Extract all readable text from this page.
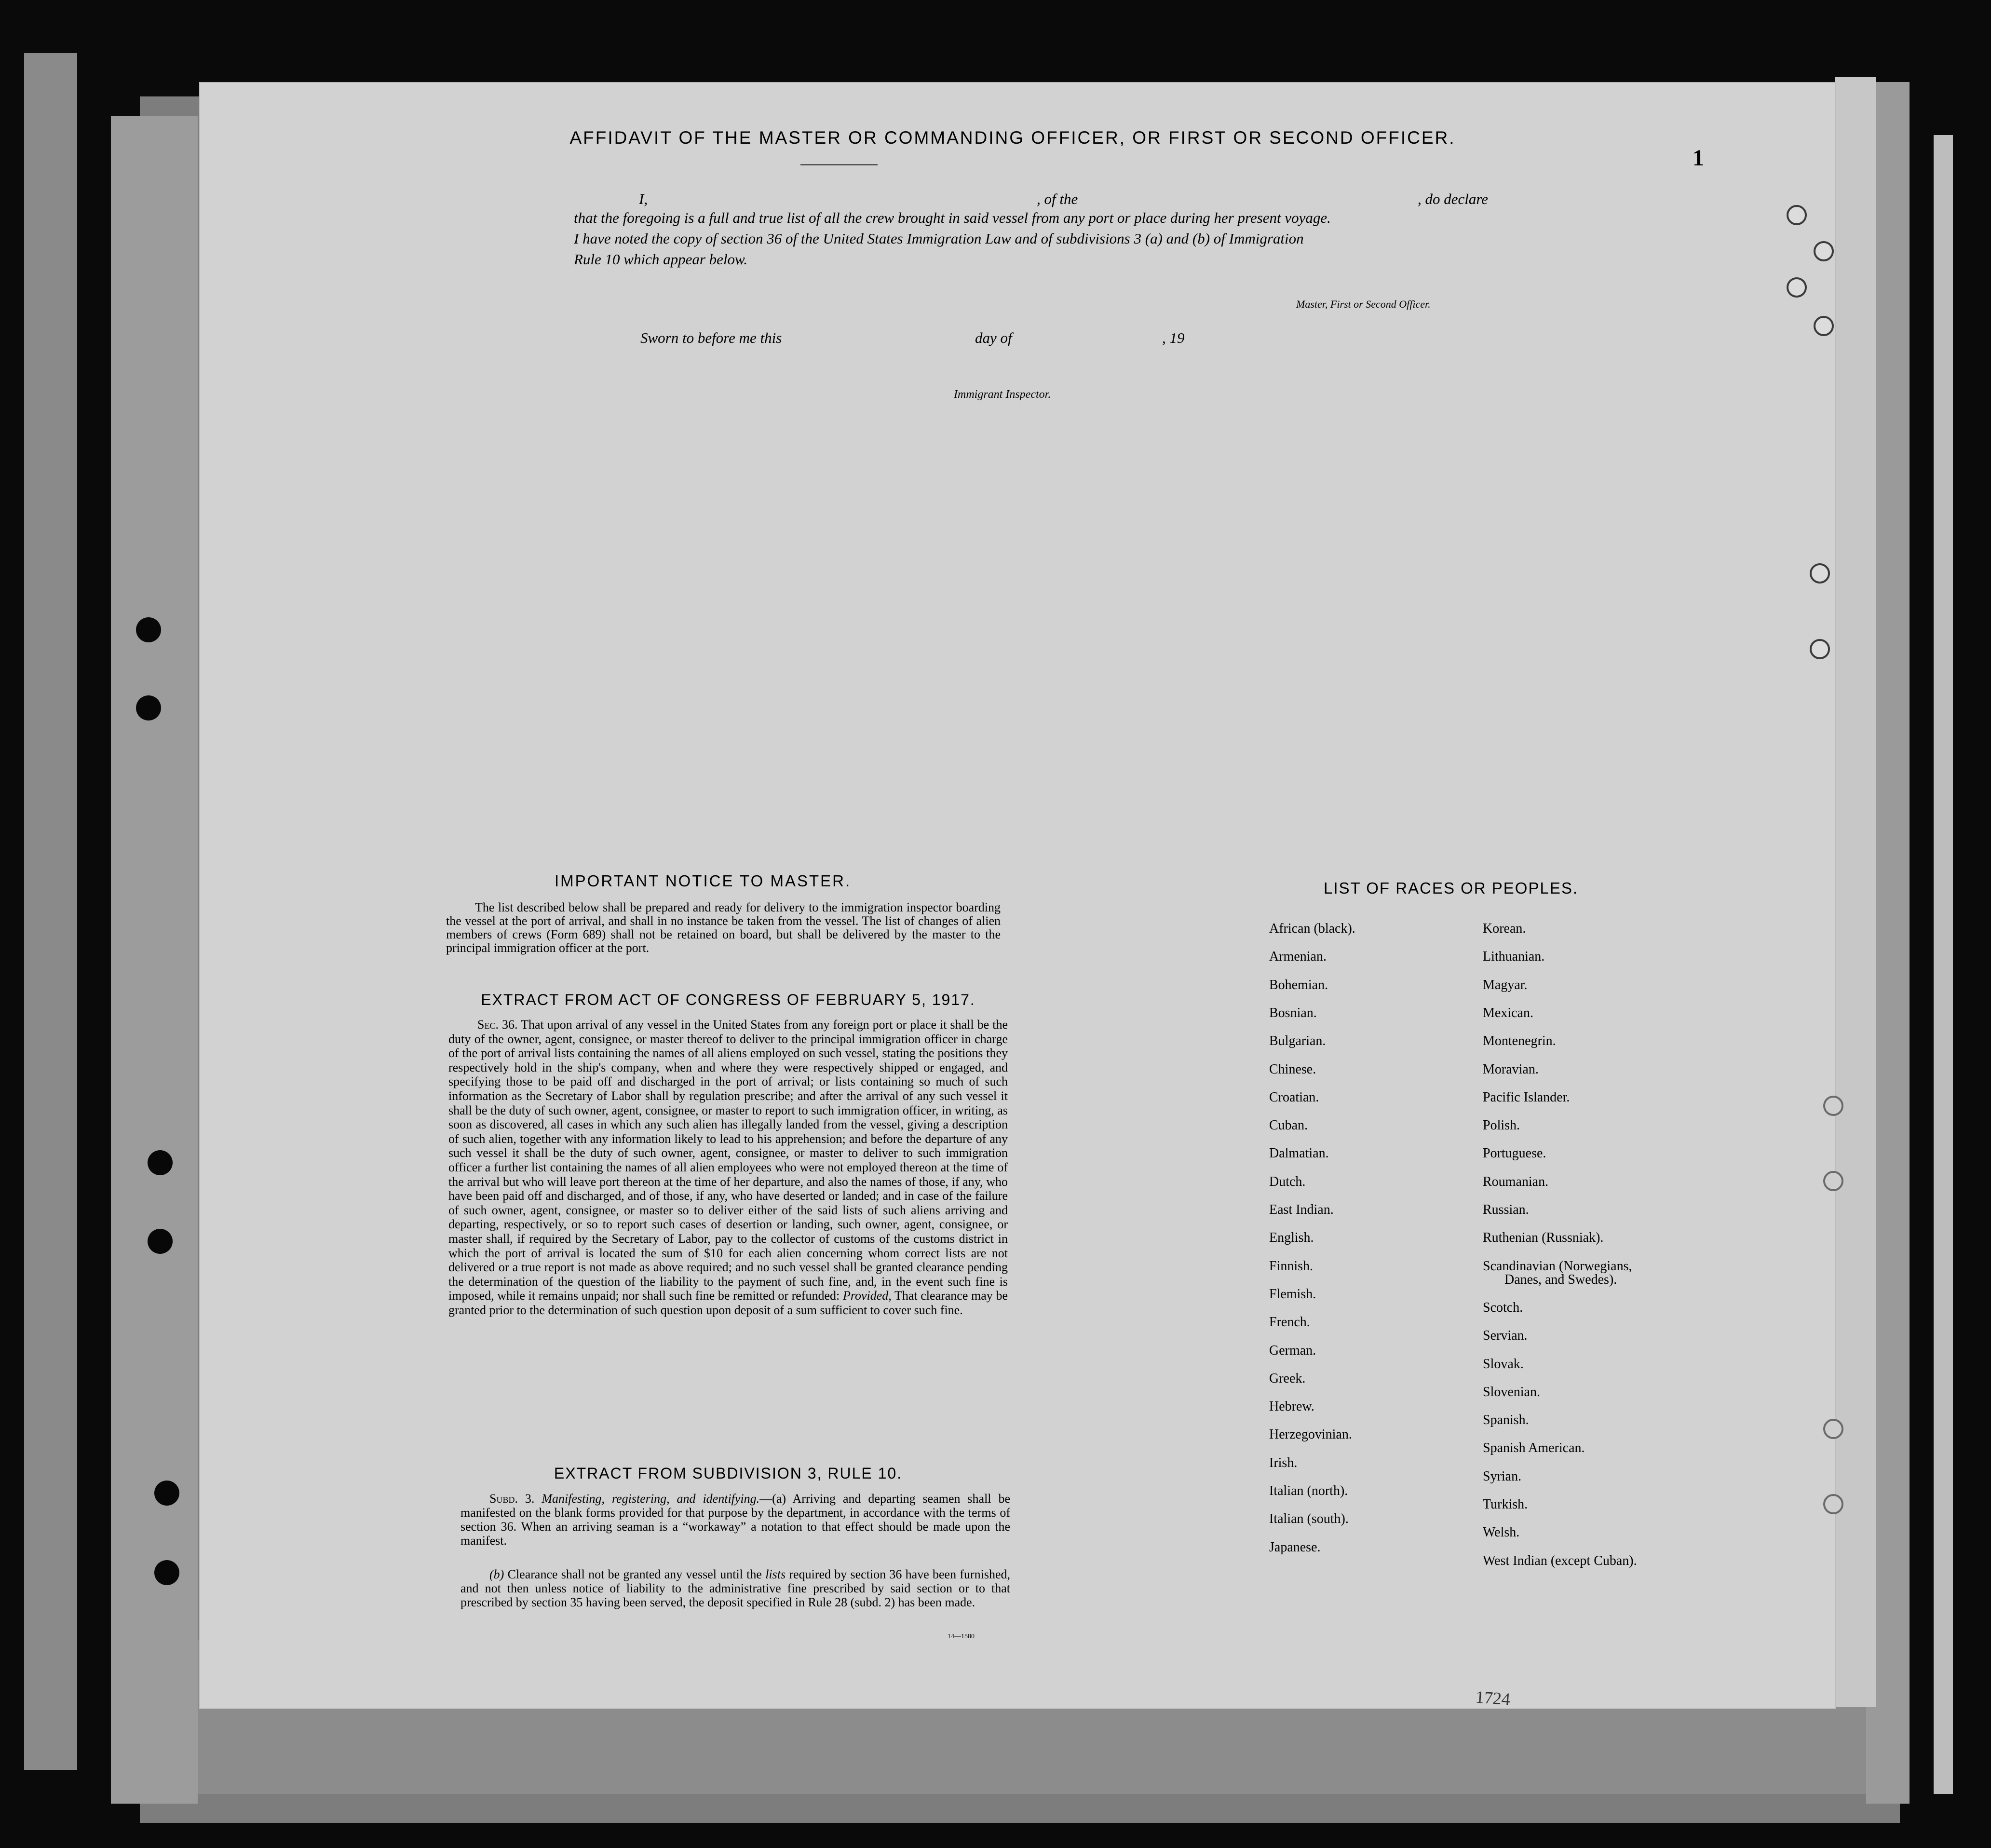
AFFIDAVIT OF THE MASTER OR COMMANDING OFFICER, OR FIRST OR SECOND OFFICER.
1
I,	, of the	, do declare

that the foregoing is a full and true list of all the crew brought in said vessel from any port or place during her present voyage.

I have noted the copy of section 36 of the United States Immigration Law and of subdivisions 3 (a) and (b) of Immigration

Rule 10 which appear below.

Master, First or Second Officer.
Sworn to before me this	day of	, 19
Immigrant Inspector.
IMPORTANT NOTICE TO MASTER.
The list described below shall be prepared and ready for delivery to the immigration inspector boarding the vessel at the port of arrival, and shall in no instance be taken from the vessel. The list of changes of alien members of crews (Form 689) shall not be retained on board, but shall be delivered by the master to the principal immigration officer at the port.
EXTRACT FROM ACT OF CONGRESS OF FEBRUARY 5, 1917.
Sec. 36. That upon arrival of any vessel in the United States from any foreign port or place it shall be the duty of the owner, agent, consignee, or master thereof to deliver to the principal immigration officer in charge of the port of arrival lists containing the names of all aliens employed on such vessel, stating the positions they respectively hold in the ship's company, when and where they were respectively shipped or engaged, and specifying those to be paid off and discharged in the port of arrival; or lists containing so much of such information as the Secretary of Labor shall by regulation prescribe; and after the arrival of any such vessel it shall be the duty of such owner, agent, consignee, or master to report to such immigration officer, in writing, as soon as discovered, all cases in which any such alien has illegally landed from the vessel, giving a description of such alien, together with any information likely to lead to his apprehension; and before the departure of any such vessel it shall be the duty of such owner, agent, consignee, or master to deliver to such immigration officer a further list containing the names of all alien employees who were not employed thereon at the time of the arrival but who will leave port thereon at the time of her departure, and also the names of those, if any, who have been paid off and discharged, and of those, if any, who have deserted or landed; and in case of the failure of such owner, agent, consignee, or master so to deliver either of the said lists of such aliens arriving and departing, respectively, or so to report such cases of desertion or landing, such owner, agent, consignee, or master shall, if required by the Secretary of Labor, pay to the collector of customs of the customs district in which the port of arrival is located the sum of $10 for each alien concerning whom correct lists are not delivered or a true report is not made as above required; and no such vessel shall be granted clearance pending the determination of the question of the liability to the payment of such fine, and, in the event such fine is imposed, while it remains unpaid; nor shall such fine be remitted or refunded: Provided, That clearance may be granted prior to the determination of such question upon deposit of a sum sufficient to cover such fine.
EXTRACT FROM SUBDIVISION 3, RULE 10.
Subd. 3. Manifesting, registering, and identifying.—(a) Arriving and departing seamen shall be manifested on the blank forms provided for that purpose by the department, in accordance with the terms of section 36. When an arriving seaman is a “workaway” a notation to that effect should be made upon the manifest.
(b) Clearance shall not be granted any vessel until the lists required by section 36 have been furnished, and not then unless notice of liability to the administrative fine prescribed by said section or to that prescribed by section 35 having been served, the deposit specified in Rule 28 (subd. 2) has been made.
14—1580
LIST OF RACES OR PEOPLES.
African (black).
Armenian.
Bohemian.
Bosnian.
Bulgarian.
Chinese.
Croatian.
Cuban.
Dalmatian.
Dutch.
East Indian.
English.
Finnish.
Flemish.
French.
German.
Greek.
Hebrew.
Herzegovinian.
Irish.
Italian (north).
Italian (south).
Japanese.
Korean.
Lithuanian.
Magyar.
Mexican.
Montenegrin.
Moravian.
Pacific Islander.
Polish.
Portuguese.
Roumanian.
Russian.
Ruthenian (Russniak).
Scandinavian (Norwegians,
Danes, and Swedes).
Scotch.
Servian.
Slovak.
Slovenian.
Spanish.
Spanish American.
Syrian.
Turkish.
Welsh.
West Indian (except Cuban).
1724
